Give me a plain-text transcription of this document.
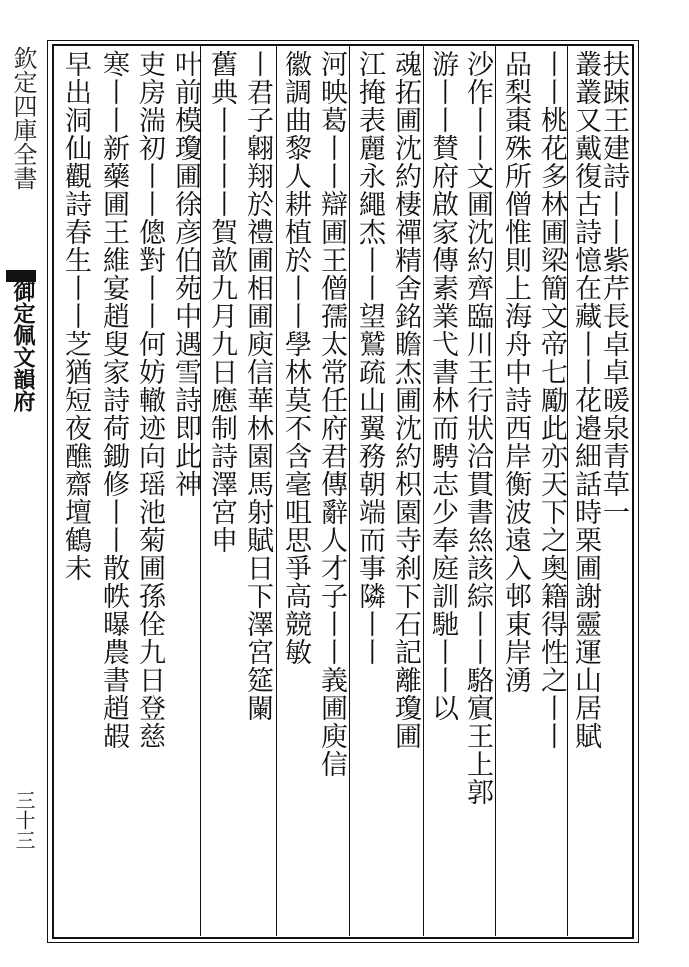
欽定四庫全書
御定佩文韻府
三十三
扶踈王建詩丨丨紫芹長卓卓暖泉青草一
叢叢又戴復古詩憶在藏丨丨花邉細話時栗圃謝靈運山居賦
丨丨桃花多林圃梁簡文帝七勵此亦天下之奥籍得性之丨丨
品梨棗殊所僧惟則上海舟中詩西岸衡波遠入邨東岸湧
沙作丨丨文圃沈約齊臨川王行狀洽貫書𢇁該綜丨丨駱賔王上郭
游丨丨賛府啟家傳素業弋書林而騁志少奉庭訓馳丨丨以
魂拓圃沈約棲禪精舍銘瞻杰圃沈約枳園寺刹下石記離瓊圃
江掩表麗永繩杰丨丨望鷲疏山翼務朝端而事隣丨丨
河映葛丨丨辯圃王僧孺太常任府君傳辭人才子丨丨義圃庾信
徽調曲黎人耕植於丨丨學林莫不含毫咀思爭高競敏
丨君子翺翔於禮圃相圃庾信華林園馬射賦日下澤宮筵闌
舊典丨丨丨丨賀歆九月九日應制詩澤宮申
叶前模瓊圃徐彦伯苑中遇雪詩即此神
吏房湍初丨丨傯對丨丨何妨轍迹向瑶池菊圃孫佺九日登慈
寒丨丨新藥圃王維宴趙叟家詩荷鋤修丨丨散帙曝農書趙嘏
早出洞仙觀詩春生丨丨芝猶短夜醮齋壇鶴未
